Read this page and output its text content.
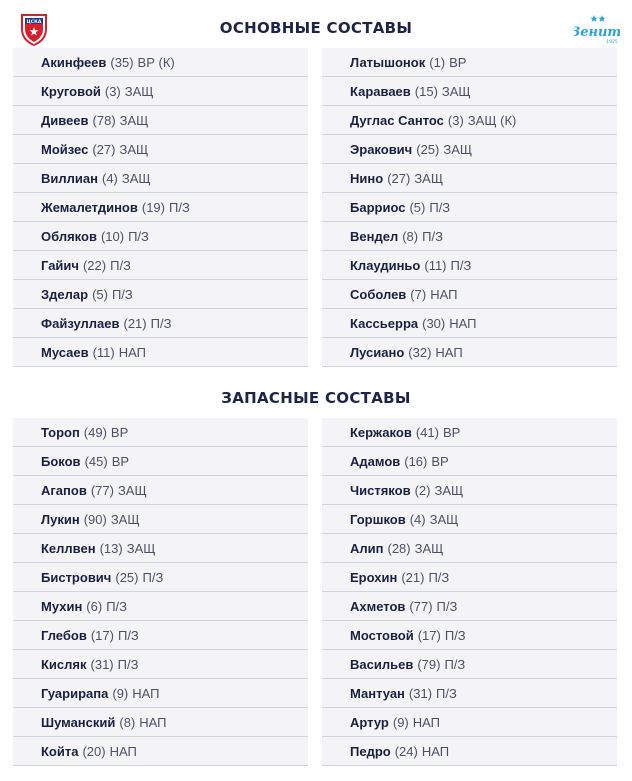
ЦСКА	ОСНОВНЫЕ СОСТАВЫ	Зенит
1925
Акинфеев (35) ВР (К)
Круговой (3) ЗАЩ
Дивеев (78) ЗАЩ
Мойзес (27) ЗАЩ
Виллиан (4) ЗАЩ
Жемалетдинов (19) П/З
Обляков (10) П/З
Гайич (22) П/З
Зделар (5) П/З
Файзуллаев (21) П/З
Мусаев (11) НАП
Латышонок (1) ВР
Караваев (15) ЗАЩ
Дуглас Сантос (3) ЗАЩ (К)
Эракович (25) ЗАЩ
Нино (27) ЗАЩ
Барриос (5) П/З
Вендел (8) П/З
Клаудиньо (11) П/З
Соболев (7) НАП
Кассьерра (30) НАП
Лусиано (32) НАП
ЗАПАСНЫЕ СОСТАВЫ
Тороп (49) ВР
Боков (45) ВР
Агапов (77) ЗАЩ
Лукин (90) ЗАЩ
Келлвен (13) ЗАЩ
Бистрович (25) П/З
Мухин (6) П/З
Глебов (17) П/З
Кисляк (31) П/З
Гуарирапа (9) НАП
Шуманский (8) НАП
Койта (20) НАП
Кержаков (41) ВР
Адамов (16) ВР
Чистяков (2) ЗАЩ
Горшков (4) ЗАЩ
Алип (28) ЗАЩ
Ерохин (21) П/З
Ахметов (77) П/З
Мостовой (17) П/З
Васильев (79) П/З
Мантуан (31) П/З
Артур (9) НАП
Педро (24) НАП
